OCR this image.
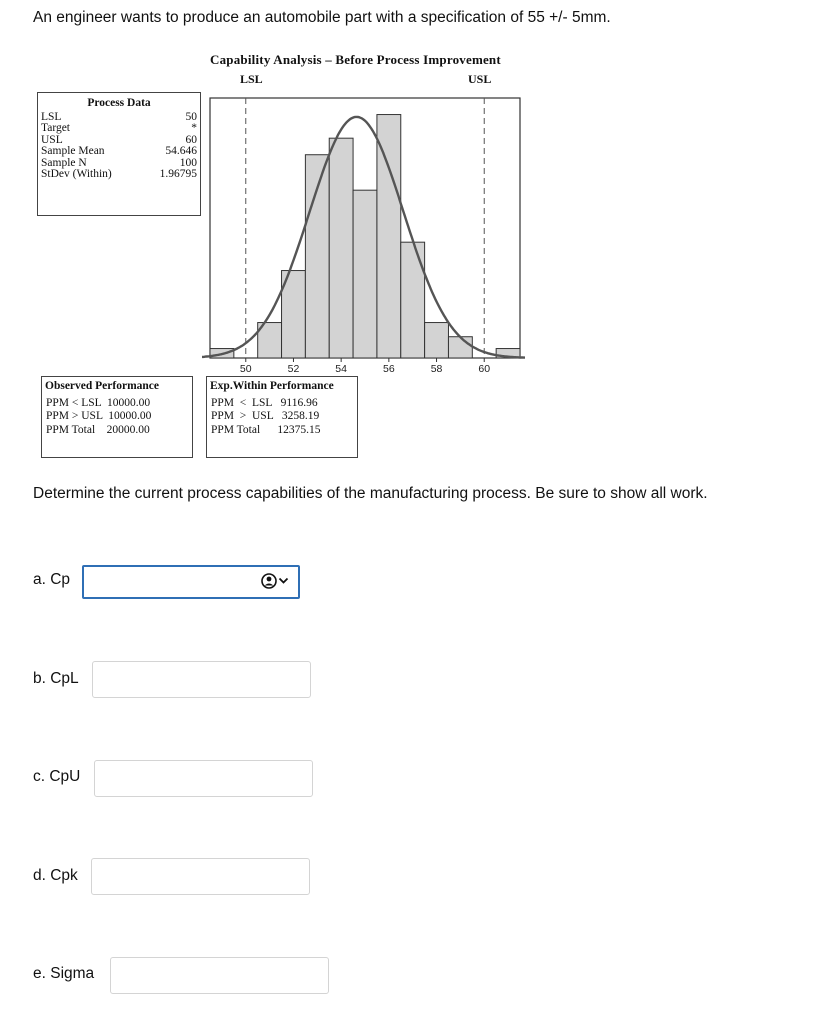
An engineer wants to produce an automobile part with a specification of 55 +/- 5mm.
Capability Analysis – Before Process Improvement
LSL	USL
Process Data
LSL	50
Target	*
USL	60
Sample Mean	54.646
Sample N	100
StDev (Within)	1.96795
50	52	54	56	58	60
Observed Performance
PPM < LSL  10000.00
PPM > USL  10000.00
PPM Total    20000.00
Exp.Within Performance
PPM  <  LSL   9116.96
PPM  >  USL   3258.19
PPM Total      12375.15
Determine the current process capabilities of the manufacturing process. Be sure to show all work.
a. Cp
b. CpL
c. CpU
d. Cpk
e. Sigma
